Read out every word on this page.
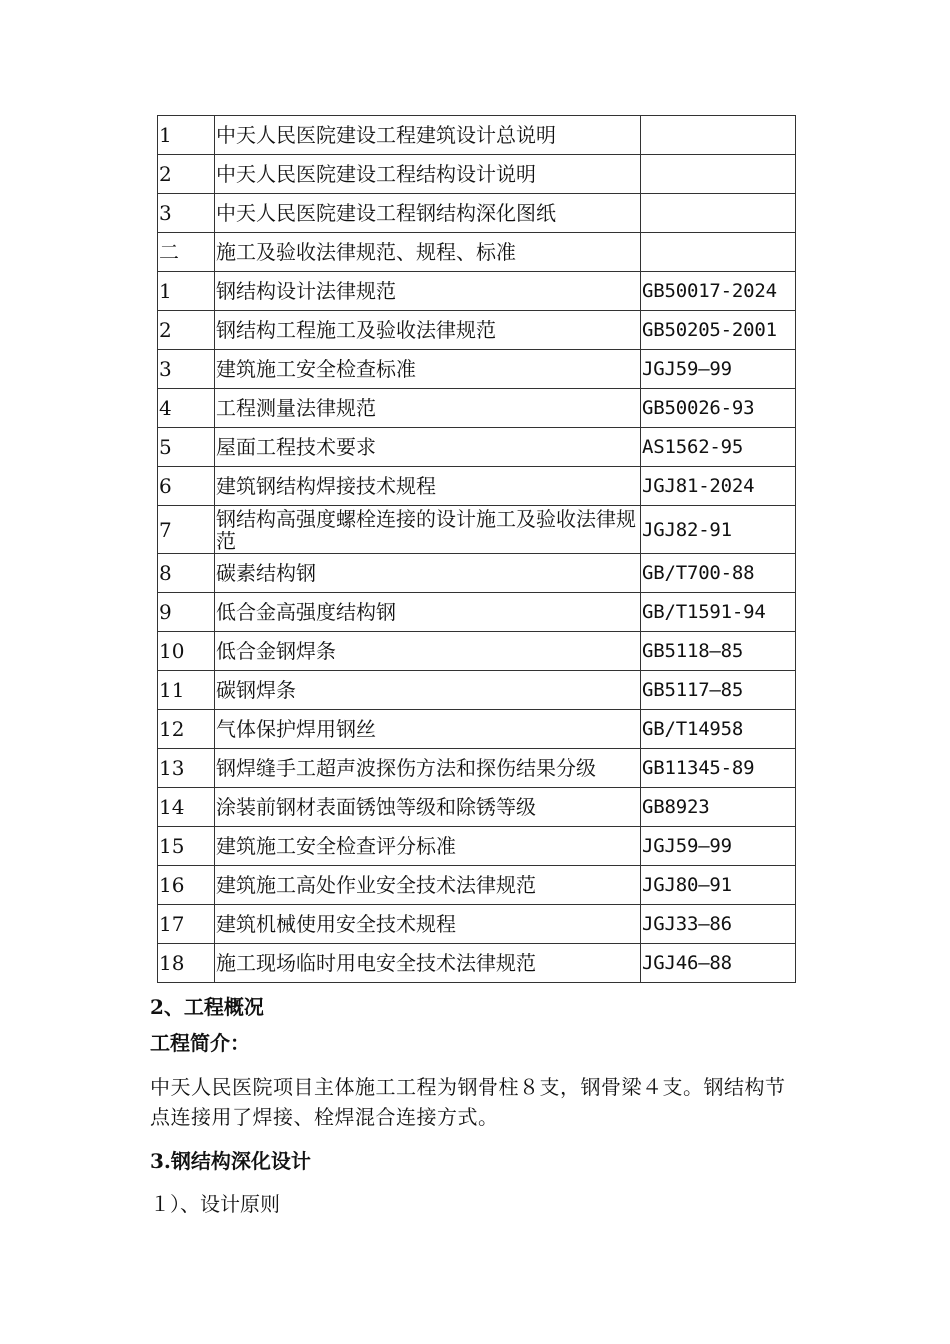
1	中天人民医院建设工程建筑设计总说明	
2	中天人民医院建设工程结构设计说明	
3	中天人民医院建设工程钢结构深化图纸	
二	施工及验收法律规范、规程、标准	
1	钢结构设计法律规范	GB50017-2024
2	钢结构工程施工及验收法律规范	GB50205-2001
3	建筑施工安全检查标准	JGJ59—99
4	工程测量法律规范	GB50026-93
5	屋面工程技术要求	AS1562-95
6	建筑钢结构焊接技术规程	JGJ81-2024
7	钢结构高强度螺栓连接的设计施工及验收法律规范	JGJ82-91
8	碳素结构钢	GB/T700-88
9	低合金高强度结构钢	GB/T1591-94
10	低合金钢焊条	GB5118—85
11	碳钢焊条	GB5117—85
12	气体保护焊用钢丝	GB/T14958
13	钢焊缝手工超声波探伤方法和探伤结果分级	GB11345-89
14	涂装前钢材表面锈蚀等级和除锈等级	GB8923
15	建筑施工安全检查评分标准	JGJ59—99
16	建筑施工高处作业安全技术法律规范	JGJ80—91
17	建筑机械使用安全技术规程	JGJ33—86
18	施工现场临时用电安全技术法律规范	JGJ46—88
2、工程概况
工程简介：
中天人民医院项目主体施工工程为钢骨柱８支，钢骨梁４支。钢结构节点连接用了焊接、栓焊混合连接方式。
3.钢结构深化设计
１）、设计原则
